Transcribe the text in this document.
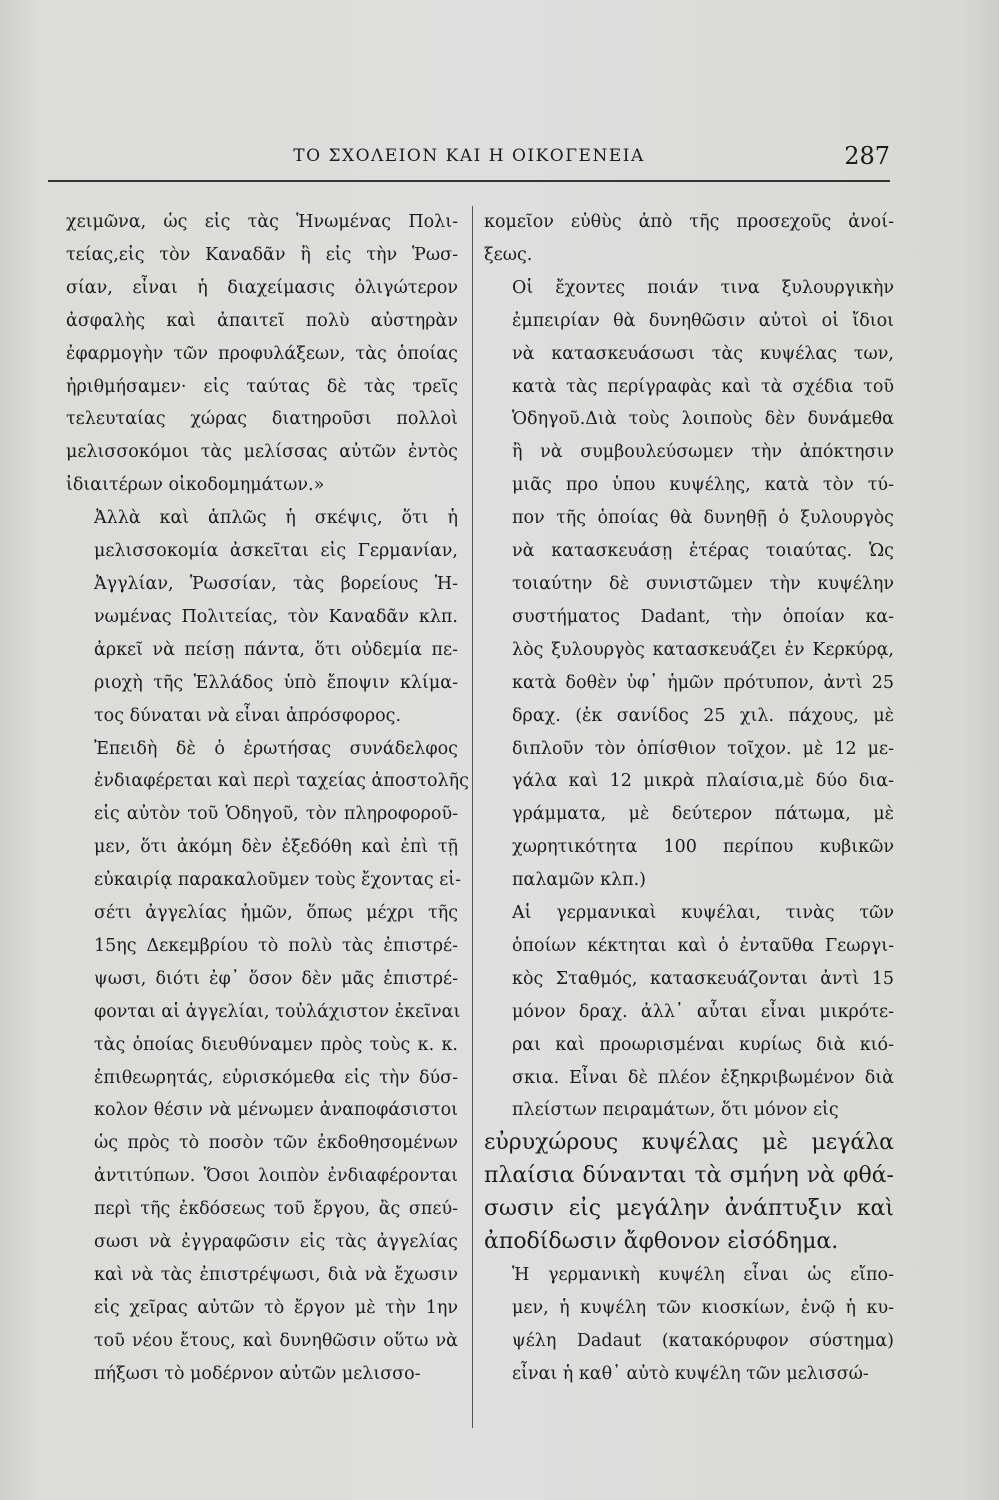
ΤΟ ΣΧΟΛΕΙΟΝ ΚΑΙ Η ΟΙΚΟΓΕΝΕΙΑ	287

χειμῶνα, ὡς εἰς τὰς Ἡνωμένας Πολι-
τείας,εἰς τὸν Καναδᾶν ἢ εἰς τὴν Ῥωσ-
σίαν, εἶναι ἡ διαχείμασις ὀλιγώτερον
ἀσφαλὴς καὶ ἀπαιτεῖ πολὺ αὐστηρὰν
ἐφαρμογὴν τῶν προφυλάξεων, τὰς ὁποίας
ἠριθμήσαμεν· εἰς ταύτας δὲ τὰς τρεῖς
τελευταίας χώρας διατηροῦσι πολλοὶ
μελισσοκόμοι τὰς μελίσσας αὐτῶν ἐντὸς
ἰδιαιτέρων οἰκοδομημάτων.»

Ἀλλὰ καὶ ἁπλῶς ἡ σκέψις, ὅτι ἡ
μελισσοκομία ἀσκεῖται εἰς Γερμανίαν,
Ἀγγλίαν, Ῥωσσίαν, τὰς βορείους Ἡ-
νωμένας Πολιτείας, τὸν Καναδᾶν κλπ.
ἀρκεῖ νὰ πείσῃ πάντα, ὅτι οὐδεμία πε-
ριοχὴ τῆς Ἑλλάδος ὑπὸ ἔποψιν κλίμα-
τος δύναται νὰ εἶναι ἀπρόσφορος.

Ἐπειδὴ δὲ ὁ ἐρωτήσας συνάδελφος
ἐνδιαφέρεται καὶ περὶ ταχείας ἀποστολῆς
εἰς αὐτὸν τοῦ Ὁδηγοῦ, τὸν πληροφοροῦ-
μεν, ὅτι ἀκόμη δὲν ἐξεδόθη καὶ ἐπὶ τῇ
εὐκαιρίᾳ παρακαλοῦμεν τοὺς ἔχοντας εἰ-
σέτι ἀγγελίας ἡμῶν, ὅπως μέχρι τῆς
15ης Δεκεμβρίου τὸ πολὺ τὰς ἐπιστρέ-
ψωσι, διότι ἐφ᾽ ὅσον δὲν μᾶς ἐπιστρέ-
φονται αἱ ἀγγελίαι, τοὐλάχιστον ἐκεῖναι
τὰς ὁποίας διευθύναμεν πρὸς τοὺς κ. κ.
ἐπιθεωρητάς, εὑρισκόμεθα εἰς τὴν δύσ-
κολον θέσιν νὰ μένωμεν ἀναποφάσιστοι
ὡς πρὸς τὸ ποσὸν τῶν ἐκδοθησομένων
ἀντιτύπων. Ὅσοι λοιπὸν ἐνδιαφέρονται
περὶ τῆς ἐκδόσεως τοῦ ἔργου, ἂς σπεύ-
σωσι νὰ ἐγγραφῶσιν εἰς τὰς ἀγγελίας
καὶ νὰ τὰς ἐπιστρέψωσι, διὰ νὰ ἔχωσιν
εἰς χεῖρας αὐτῶν τὸ ἔργον μὲ τὴν 1ην
τοῦ νέου ἔτους, καὶ δυνηθῶσιν οὕτω νὰ
πήξωσι τὸ μοδέρνον αὐτῶν μελισσο-

κομεῖον εὐθὺς ἀπὸ τῆς προσεχοῦς ἀνοί-
ξεως.

Οἱ ἔχοντες ποιάν τινα ξυλουργικὴν
ἐμπειρίαν θὰ δυνηθῶσιν αὐτοὶ οἱ ἴδιοι
νὰ κατασκευάσωσι τὰς κυψέλας των,
κατὰ τὰς περίγραφὰς καὶ τὰ σχέδια τοῦ
Ὁδηγοῦ.Διὰ τοὺς λοιποὺς δὲν δυνάμεθα
ἢ νὰ συμβουλεύσωμεν τὴν ἀπόκτησιν
μιᾶς προ ὑπου κυψέλης, κατὰ τὸν τύ-
πον τῆς ὁποίας θὰ δυνηθῇ ὁ ξυλουργὸς
νὰ κατασκευάσῃ ἑτέρας τοιαύτας. Ὡς
τοιαύτην δὲ συνιστῶμεν τὴν κυψέλην
συστήματος Dadant, τὴν ὁποίαν κα-
λὸς ξυλουργὸς κατασκευάζει ἐν Κερκύρᾳ,
κατὰ δοθὲν ὑφ᾽ ἡμῶν πρότυπον, ἀντὶ 25
δραχ. (ἐκ σανίδος 25 χιλ. πάχους, μὲ
διπλοῦν τὸν ὀπίσθιον τοῖχον. μὲ 12 με-
γάλα καὶ 12 μικρὰ πλαίσια,μὲ δύο δια-
γράμματα, μὲ δεύτερον πάτωμα, μὲ
χωρητικότητα 100 περίπου κυβικῶν
παλαμῶν κλπ.)

Αἱ γερμανικαὶ κυψέλαι, τινὰς τῶν
ὁποίων κέκτηται καὶ ὁ ἐνταῦθα Γεωργι-
κὸς Σταθμός, κατασκευάζονται ἀντὶ 15
μόνον δραχ. ἀλλ᾽ αὗται εἶναι μικρότε-
ραι καὶ προωρισμέναι κυρίως διὰ κιό-
σκια. Εἶναι δὲ πλέον ἐξηκριβωμένον διὰ
πλείστων πειραμάτων, ὅτι μόνον εἰς

εὐρυχώρους κυψέλας μὲ μεγάλα
πλαίσια δύνανται τὰ σμήνη νὰ φθά-
σωσιν εἰς μεγάλην ἀνάπτυξιν καὶ
ἀποδίδωσιν ἄφθονον εἰσόδημα.

Ἡ γερμανικὴ κυψέλη εἶναι ὡς εἴπο-
μεν, ἡ κυψέλη τῶν κιοσκίων, ἐνῷ ἡ κυ-
ψέλη Dadaut (κατακόρυφον σύστημα)
εἶναι ἡ καθ᾽ αὐτὸ κυψέλη τῶν μελισσώ-
